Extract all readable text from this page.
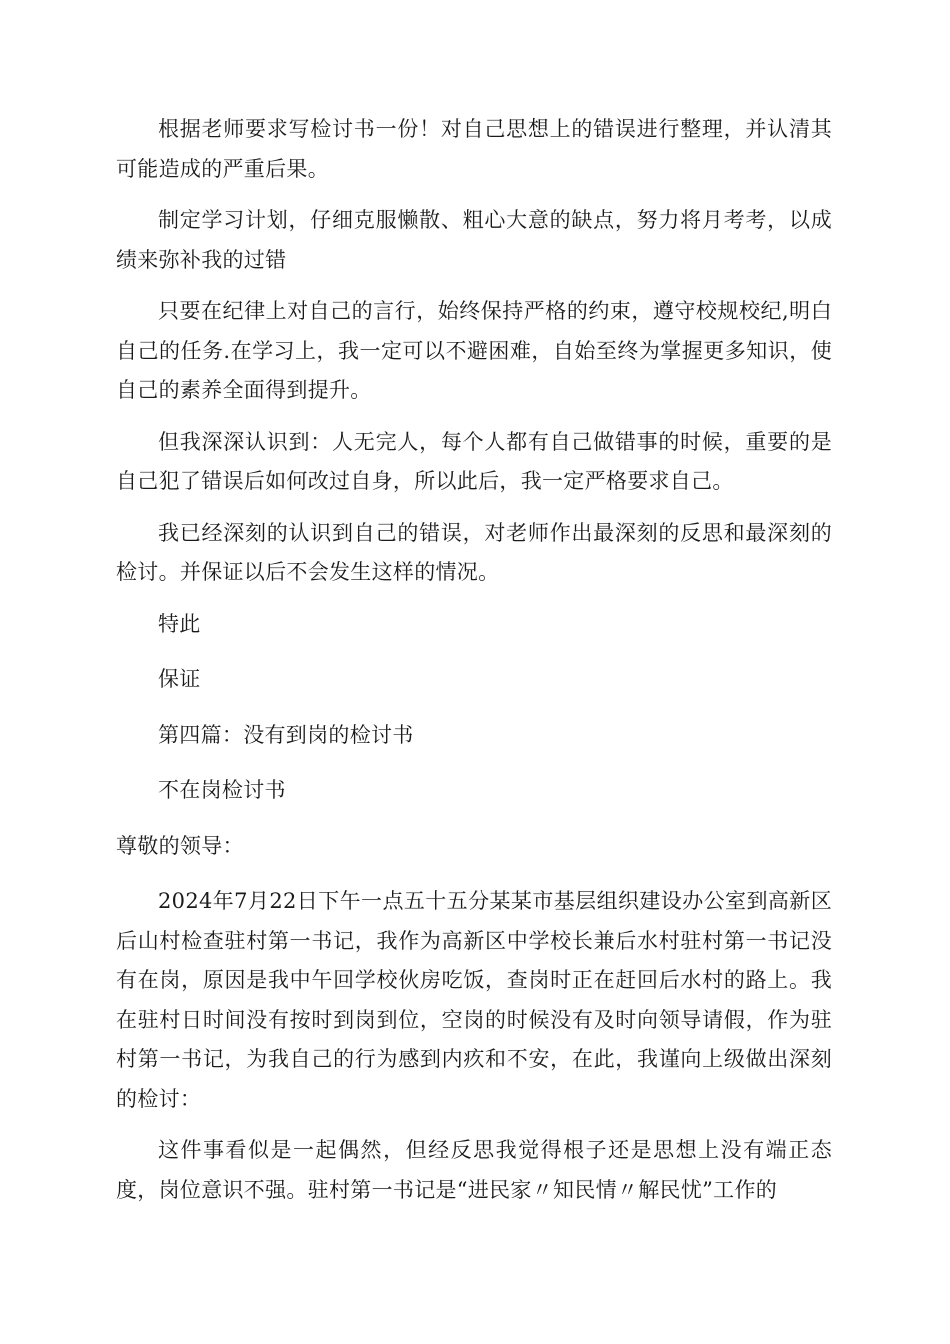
根据老师要求写检讨书一份！对自己思想上的错误进行整理，并认清其可能造成的严重后果。

制定学习计划，仔细克服懒散、粗心大意的缺点，努力将月考考，以成绩来弥补我的过错

只要在纪律上对自己的言行，始终保持严格的约束，遵守校规校纪,明白自己的任务.在学习上，我一定可以不避困难，自始至终为掌握更多知识，使自己的素养全面得到提升。

但我深深认识到：人无完人，每个人都有自己做错事的时候，重要的是自己犯了错误后如何改过自身，所以此后，我一定严格要求自己。

我已经深刻的认识到自己的错误，对老师作出最深刻的反思和最深刻的检讨。并保证以后不会发生这样的情况。

特此

保证

第四篇：没有到岗的检讨书

不在岗检讨书

尊敬的领导：

2024年7月22日下午一点五十五分某某市基层组织建设办公室到高新区后山村检查驻村第一书记，我作为高新区中学校长兼后水村驻村第一书记没有在岗，原因是我中午回学校伙房吃饭，查岗时正在赶回后水村的路上。我在驻村日时间没有按时到岗到位，空岗的时候没有及时向领导请假，作为驻村第一书记，为我自己的行为感到内疚和不安，在此，我谨向上级做出深刻的检讨：

这件事看似是一起偶然，但经反思我觉得根子还是思想上没有端正态度，岗位意识不强。驻村第一书记是“进民家〃知民情〃解民忧”工作的
